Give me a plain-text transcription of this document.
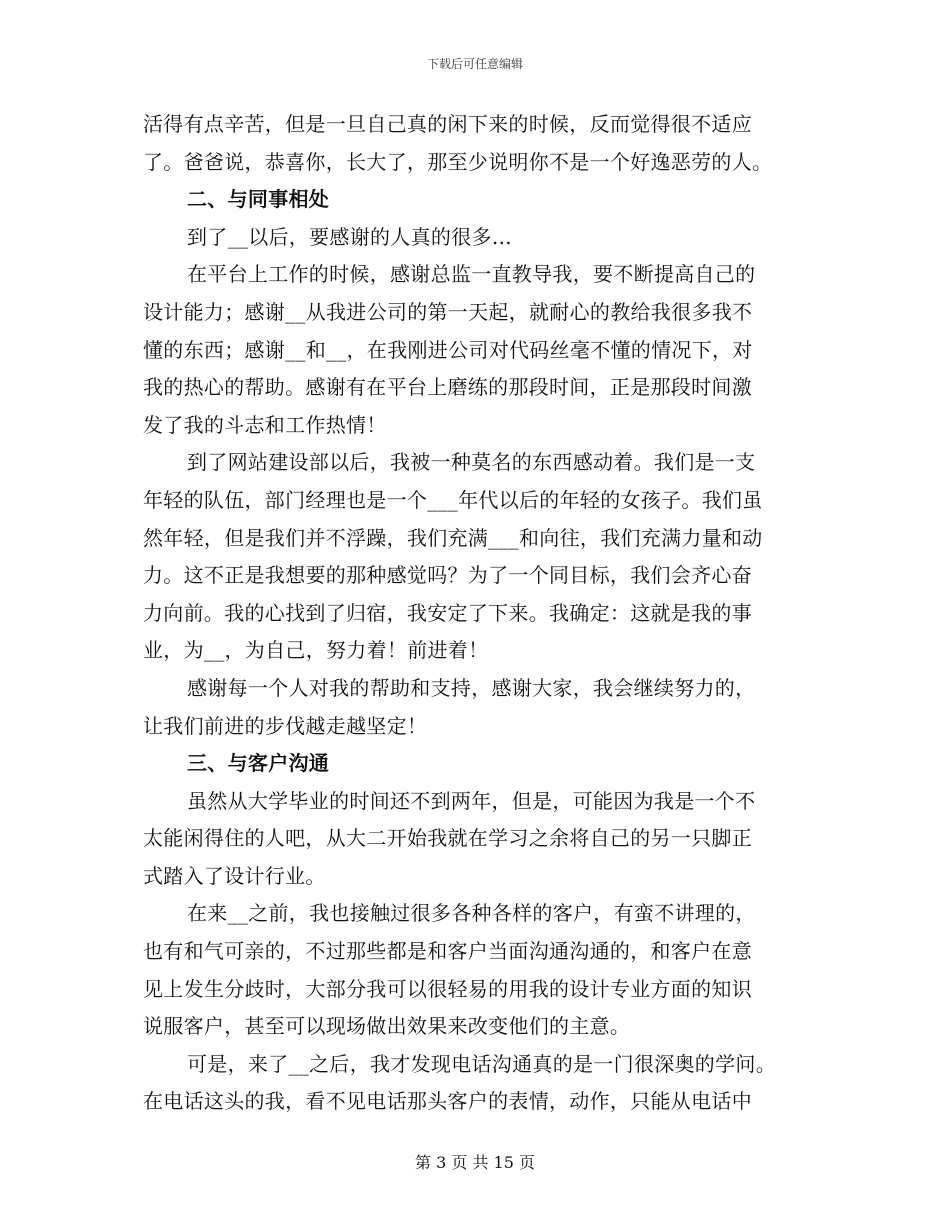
下载后可任意编辑
活得有点辛苦，但是一旦自己真的闲下来的时候，反而觉得很不适应
了。爸爸说，恭喜你，长大了，那至少说明你不是一个好逸恶劳的人。
二、与同事相处
到了__以后，要感谢的人真的很多…
在平台上工作的时候，感谢总监一直教导我，要不断提高自己的
设计能力；感谢__从我进公司的第一天起，就耐心的教给我很多我不
懂的东西；感谢__和__，在我刚进公司对代码丝毫不懂的情况下，对
我的热心的帮助。感谢有在平台上磨练的那段时间，正是那段时间激
发了我的斗志和工作热情！
到了网站建设部以后，我被一种莫名的东西感动着。我们是一支
年轻的队伍，部门经理也是一个___年代以后的年轻的女孩子。我们虽
然年轻，但是我们并不浮躁，我们充满___和向往，我们充满力量和动
力。这不正是我想要的那种感觉吗？为了一个同目标，我们会齐心奋
力向前。我的心找到了归宿，我安定了下来。我确定：这就是我的事
业，为__，为自己，努力着！前进着！
感谢每一个人对我的帮助和支持，感谢大家，我会继续努力的，
让我们前进的步伐越走越坚定！
三、与客户沟通
虽然从大学毕业的时间还不到两年，但是，可能因为我是一个不
太能闲得住的人吧，从大二开始我就在学习之余将自己的另一只脚正
式踏入了设计行业。
在来__之前，我也接触过很多各种各样的客户，有蛮不讲理的，
也有和气可亲的，不过那些都是和客户当面沟通沟通的，和客户在意
见上发生分歧时，大部分我可以很轻易的用我的设计专业方面的知识
说服客户，甚至可以现场做出效果来改变他们的主意。
可是，来了__之后，我才发现电话沟通真的是一门很深奥的学问。
在电话这头的我，看不见电话那头客户的表情，动作，只能从电话中
第 3 页 共 15 页
